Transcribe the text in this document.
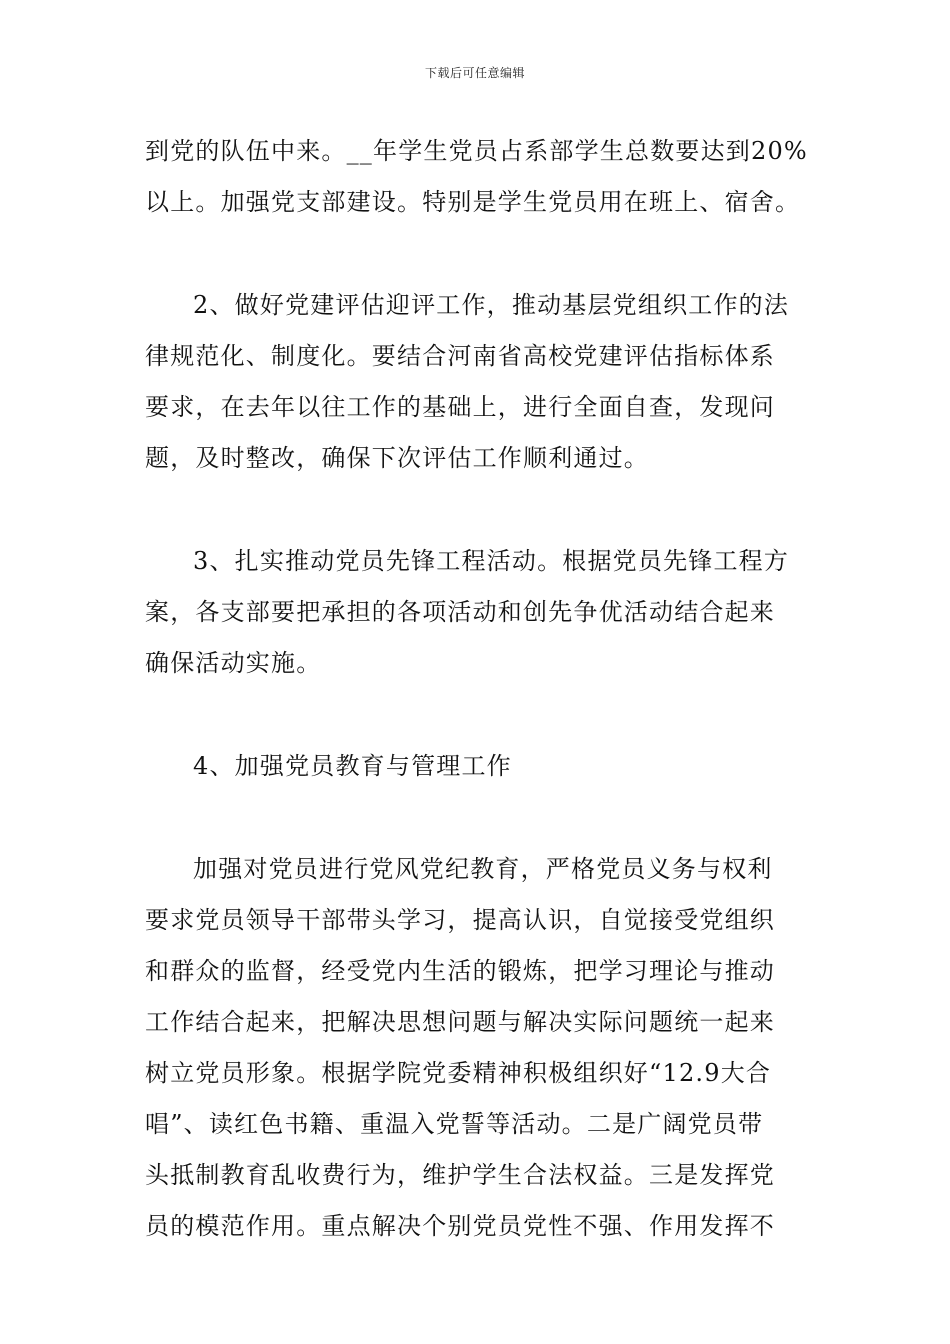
下载后可任意编辑

到党的队伍中来。__年学生党员占系部学生总数要达到20%
以上。加强党支部建设。特别是学生党员用在班上、宿舍。

2、做好党建评估迎评工作，推动基层党组织工作的法
律规范化、制度化。要结合河南省高校党建评估指标体系
要求，在去年以往工作的基础上，进行全面自查，发现问
题，及时整改，确保下次评估工作顺利通过。

3、扎实推动党员先锋工程活动。根据党员先锋工程方
案，各支部要把承担的各项活动和创先争优活动结合起来
确保活动实施。

4、加强党员教育与管理工作

加强对党员进行党风党纪教育，严格党员义务与权利
要求党员领导干部带头学习，提高认识，自觉接受党组织
和群众的监督，经受党内生活的锻炼，把学习理论与推动
工作结合起来，把解决思想问题与解决实际问题统一起来
树立党员形象。根据学院党委精神积极组织好“12.9大合
唱”、读红色书籍、重温入党誓等活动。二是广阔党员带
头抵制教育乱收费行为，维护学生合法权益。三是发挥党
员的模范作用。重点解决个别党员党性不强、作用发挥不
